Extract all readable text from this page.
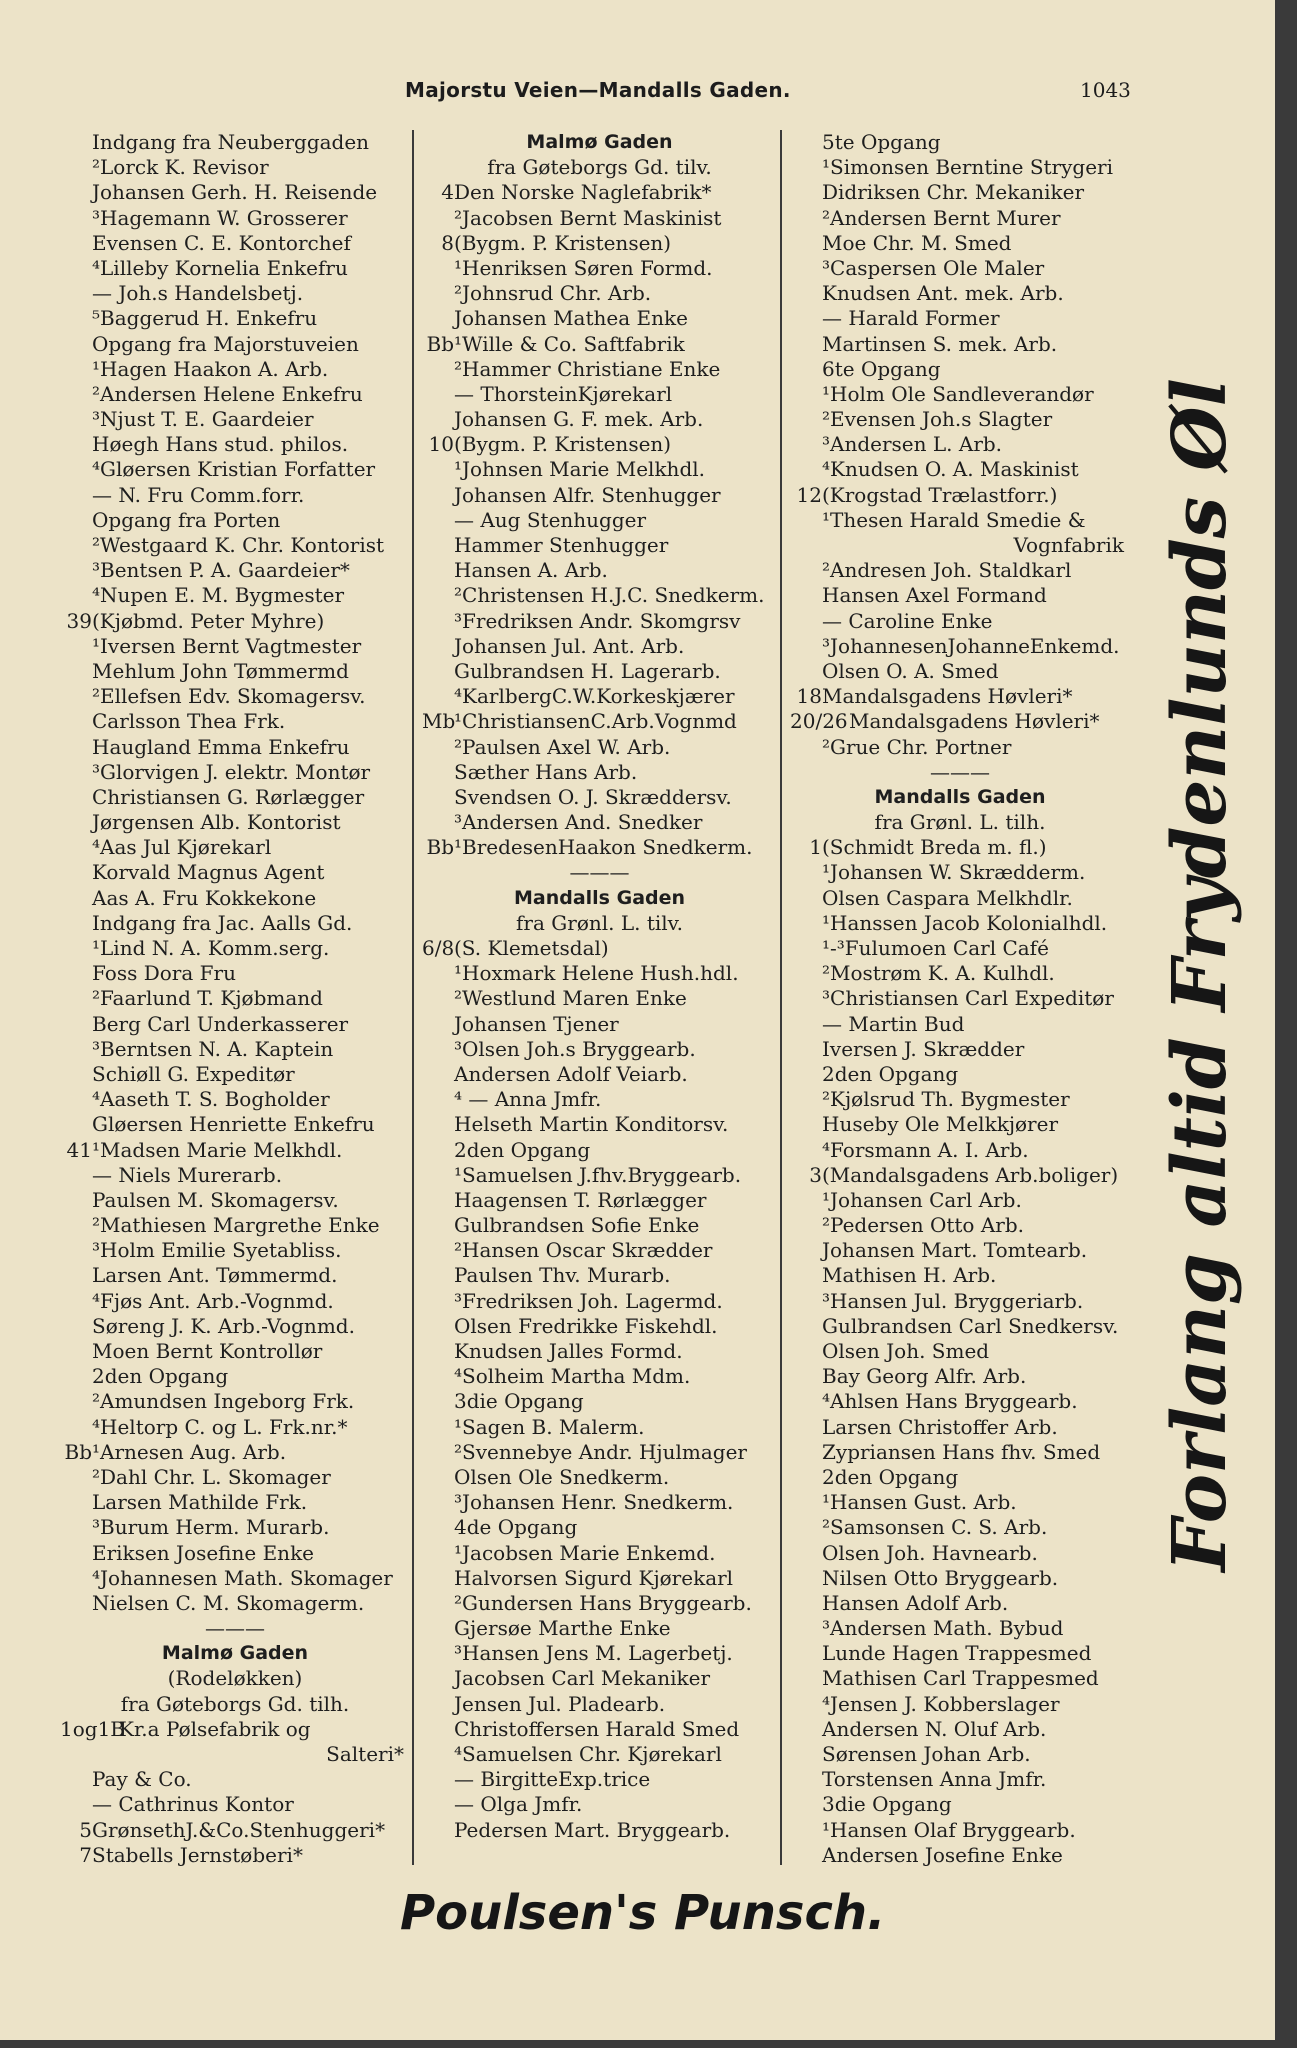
Majorstu Veien—Mandalls Gaden.	1043
Indgang fra Neuberggaden
²Lorck K. Revisor
Johansen Gerh. H. Reisende
³Hagemann W. Grosserer
Evensen C. E. Kontorchef
⁴Lilleby Kornelia Enkefru
— Joh.s Handelsbetj.
⁵Baggerud H. Enkefru
Opgang fra Majorstuveien
¹Hagen Haakon A. Arb.
²Andersen Helene Enkefru
³Njust T. E. Gaardeier
Høegh Hans stud. philos.
⁴Gløersen Kristian Forfatter
— N. Fru Comm.forr.
Opgang fra Porten
²Westgaard K. Chr. Kontorist
³Bentsen P. A. Gaardeier*
⁴Nupen E. M. Bygmester
39 (Kjøbmd. Peter Myhre)
¹Iversen Bernt Vagtmester
Mehlum John Tømmermd
²Ellefsen Edv. Skomagersv.
Carlsson Thea Frk.
Haugland Emma Enkefru
³Glorvigen J. elektr. Montør
Christiansen G. Rørlægger
Jørgensen Alb. Kontorist
⁴Aas Jul Kjørekarl
Korvald Magnus Agent
Aas A. Fru Kokkekone
Indgang fra Jac. Aalls Gd.
¹Lind N. A. Komm.serg.
Foss Dora Fru
²Faarlund T. Kjøbmand
Berg Carl Underkasserer
³Berntsen N. A. Kaptein
Schiøll G. Expeditør
⁴Aaseth T. S. Bogholder
Gløersen Henriette Enkefru
41 ¹Madsen Marie Melkhdl.
— Niels Murerarb.
Paulsen M. Skomagersv.
²Mathiesen Margrethe Enke
³Holm Emilie Syetabliss.
Larsen Ant. Tømmermd.
⁴Fjøs Ant. Arb.-Vognmd.
Søreng J. K. Arb.-Vognmd.
Moen Bernt Kontrollør
2den Opgang
²Amundsen Ingeborg Frk.
⁴Heltorp C. og L. Frk.nr.*
Bb ¹Arnesen Aug. Arb.
²Dahl Chr. L. Skomager
Larsen Mathilde Frk.
³Burum Herm. Murarb.
Eriksen Josefine Enke
⁴Johannesen Math. Skomager
Nielsen C. M. Skomagerm.
———
Malmø Gaden
(Rodeløkken)
fra Gøteborgs Gd. tilh.
1og1B
Kr.a Pølsefabrik og
Salteri*
Pay & Co.
— Cathrinus Kontor
5 GrønsethJ.&Co.Stenhuggeri*
7 Stabells Jernstøberi*
Malmø Gaden
fra Gøteborgs Gd. tilv.
4 Den Norske Naglefabrik*
²Jacobsen Bernt Maskinist
8 (Bygm. P. Kristensen)
¹Henriksen Søren Formd.
²Johnsrud Chr. Arb.
Johansen Mathea Enke
Bb ¹Wille & Co. Saftfabrik
²Hammer Christiane Enke
— ThorsteinKjørekarl
Johansen G. F. mek. Arb.
10 (Bygm. P. Kristensen)
¹Johnsen Marie Melkhdl.
Johansen Alfr. Stenhugger
— Aug Stenhugger
Hammer Stenhugger
Hansen A. Arb.
²Christensen H.J.C. Snedkerm.
³Fredriksen Andr. Skomgrsv
Johansen Jul. Ant. Arb.
Gulbrandsen H. Lagerarb.
⁴KarlbergC.W.Korkeskjærer
Mb
¹ChristiansenC.Arb.Vognmd
²Paulsen Axel W. Arb.
Sæther Hans Arb.
Svendsen O. J. Skræddersv.
³Andersen And. Snedker
Bb ¹BredesenHaakon Snedkerm.
———
Mandalls Gaden
fra Grønl. L. tilv.
6/8 (S. Klemetsdal)
¹Hoxmark Helene Hush.hdl.
²Westlund Maren Enke
Johansen Tjener
³Olsen Joh.s Bryggearb.
Andersen Adolf Veiarb.
⁴ — Anna Jmfr.
Helseth Martin Konditorsv.
2den Opgang
¹Samuelsen J.fhv.Bryggearb.
Haagensen T. Rørlægger
Gulbrandsen Sofie Enke
²Hansen Oscar Skrædder
Paulsen Thv. Murarb.
³Fredriksen Joh. Lagermd.
Olsen Fredrikke Fiskehdl.
Knudsen Jalles Formd.
⁴Solheim Martha Mdm.
3die Opgang
¹Sagen B. Malerm.
²Svennebye Andr. Hjulmager
Olsen Ole Snedkerm.
³Johansen Henr. Snedkerm.
4de Opgang
¹Jacobsen Marie Enkemd.
Halvorsen Sigurd Kjørekarl
²Gundersen Hans Bryggearb.
Gjersøe Marthe Enke
³Hansen Jens M. Lagerbetj.
Jacobsen Carl Mekaniker
Jensen Jul. Pladearb.
Christoffersen Harald Smed
⁴Samuelsen Chr. Kjørekarl
— BirgitteExp.trice
— Olga Jmfr.
Pedersen Mart. Bryggearb.
5te Opgang
¹Simonsen Berntine Strygeri
Didriksen Chr. Mekaniker
²Andersen Bernt Murer
Moe Chr. M. Smed
³Caspersen Ole Maler
Knudsen Ant. mek. Arb.
— Harald Former
Martinsen S. mek. Arb.
6te Opgang
¹Holm Ole Sandleverandør
²Evensen Joh.s Slagter
³Andersen L. Arb.
⁴Knudsen O. A. Maskinist
12 (Krogstad Trælastforr.)
¹Thesen Harald Smedie &
Vognfabrik
²Andresen Joh. Staldkarl
Hansen Axel Formand
— Caroline Enke
³JohannesenJohanneEnkemd.
Olsen O. A. Smed
18 Mandalsgadens Høvleri*
20/26 Mandalsgadens Høvleri*
²Grue Chr. Portner
———
Mandalls Gaden
fra Grønl. L. tilh.
1 (Schmidt Breda m. fl.)
¹Johansen W. Skrædderm.
Olsen Caspara Melkhdlr.
¹Hanssen Jacob Kolonialhdl.
¹-³Fulumoen Carl Café
²Mostrøm K. A. Kulhdl.
³Christiansen Carl Expeditør
— Martin Bud
Iversen J. Skrædder
2den Opgang
²Kjølsrud Th. Bygmester
Huseby Ole Melkkjører
⁴Forsmann A. I. Arb.
3 (Mandalsgadens Arb.boliger)
¹Johansen Carl Arb.
²Pedersen Otto Arb.
Johansen Mart. Tomtearb.
Mathisen H. Arb.
³Hansen Jul. Bryggeriarb.
Gulbrandsen Carl Snedkersv.
Olsen Joh. Smed
Bay Georg Alfr. Arb.
⁴Ahlsen Hans Bryggearb.
Larsen Christoffer Arb.
Zypriansen Hans fhv. Smed
2den Opgang
¹Hansen Gust. Arb.
²Samsonsen C. S. Arb.
Olsen Joh. Havnearb.
Nilsen Otto Bryggearb.
Hansen Adolf Arb.
³Andersen Math. Bybud
Lunde Hagen Trappesmed
Mathisen Carl Trappesmed
⁴Jensen J. Kobberslager
Andersen N. Oluf Arb.
Sørensen Johan Arb.
Torstensen Anna Jmfr.
3die Opgang
¹Hansen Olaf Bryggearb.
Andersen Josefine Enke
Forlang altid Frydenlunds Øl
Poulsen's Punsch.
